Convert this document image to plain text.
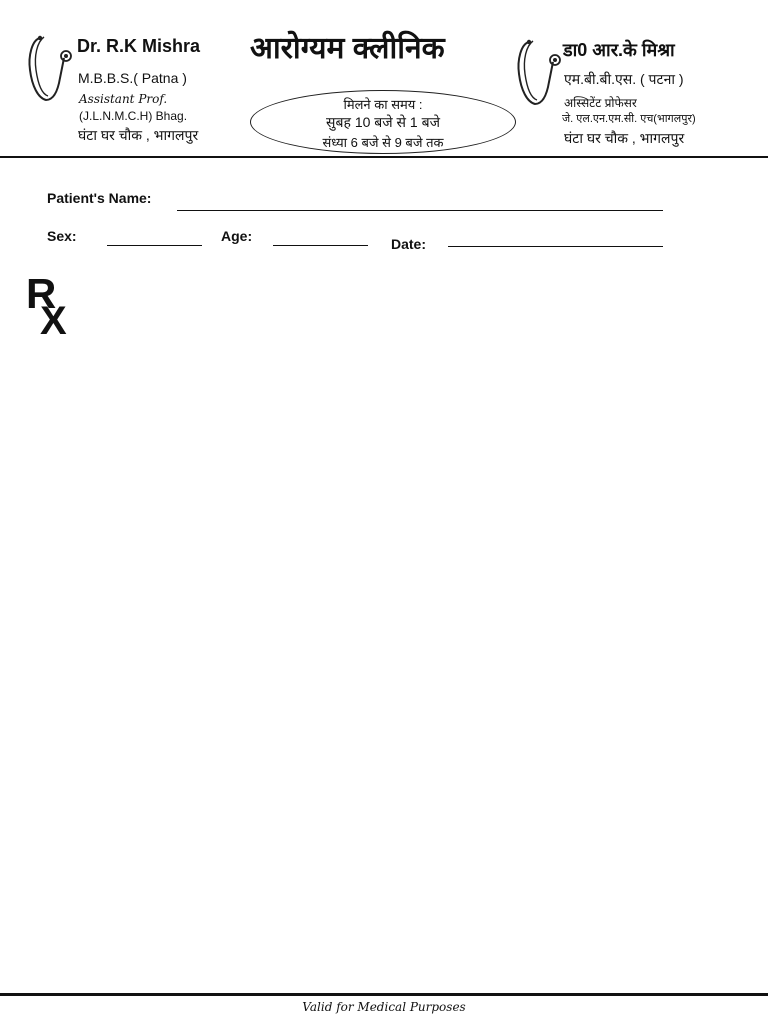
Dr. R.K Mishra
M.B.B.S.( Patna )
Assistant Prof.
(J.L.N.M.C.H) Bhag.
घंटा घर चौक , भागलपुर
आरोग्यम क्लीनिक
मिलने का समय :
सुबह 10 बजे से 1 बजे
संध्या 6 बजे से 9 बजे तक
डा0 आर.के मिश्रा
एम.बी.बी.एस. ( पटना )
अस्सिटेंट प्रोफेसर
जे. एल.एन.एम.सी. एच(भागलपुर)
घंटा घर चौक , भागलपुर
Patient's Name:
Sex:	Age:	Date:
R
X
Valid for Medical Purposes
